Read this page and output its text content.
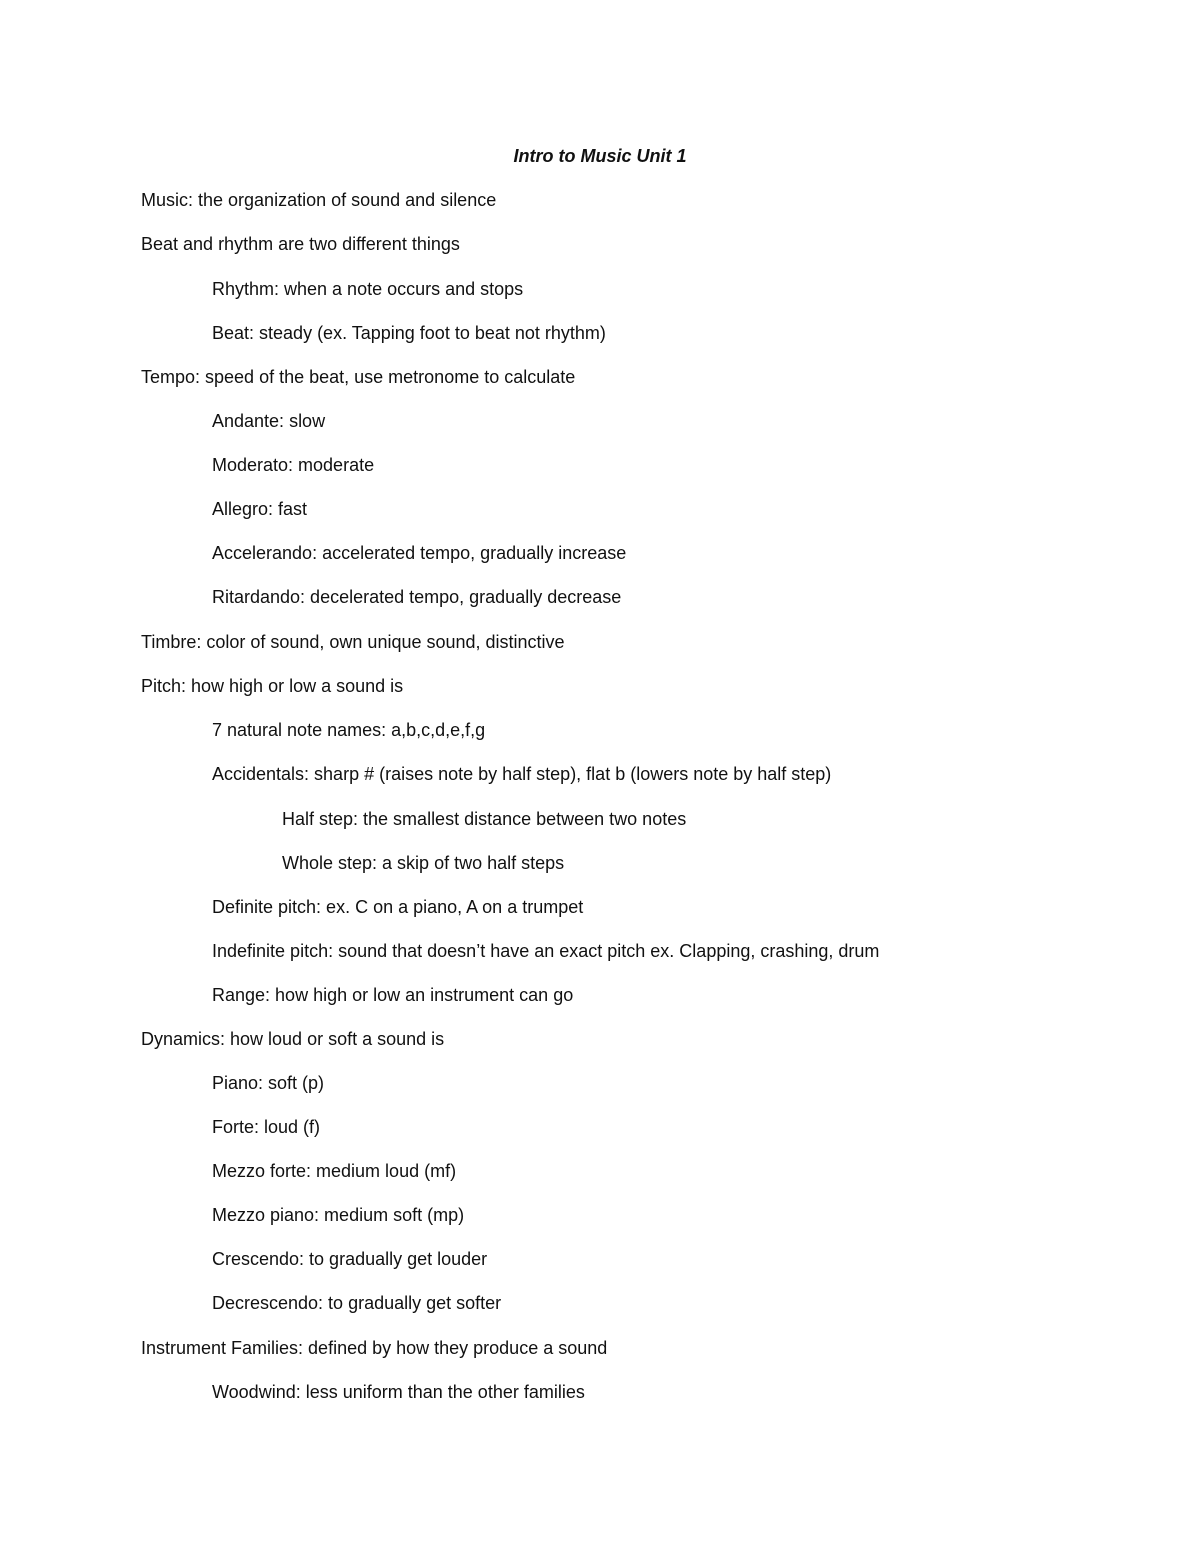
Intro to Music Unit 1
Music: the organization of sound and silence
Beat and rhythm are two different things
Rhythm: when a note occurs and stops
Beat: steady (ex. Tapping foot to beat not rhythm)
Tempo: speed of the beat, use metronome to calculate
Andante: slow
Moderato: moderate
Allegro: fast
Accelerando: accelerated tempo, gradually increase
Ritardando: decelerated tempo, gradually decrease
Timbre: color of sound, own unique sound, distinctive
Pitch: how high or low a sound is
7 natural note names: a,b,c,d,e,f,g
Accidentals: sharp # (raises note by half step), flat b (lowers note by half step)
Half step: the smallest distance between two notes
Whole step: a skip of two half steps
Definite pitch: ex. C on a piano, A on a trumpet
Indefinite pitch: sound that doesn’t have an exact pitch ex. Clapping, crashing, drum
Range: how high or low an instrument can go
Dynamics: how loud or soft a sound is
Piano: soft (p)
Forte: loud (f)
Mezzo forte: medium loud (mf)
Mezzo piano: medium soft (mp)
Crescendo: to gradually get louder
Decrescendo: to gradually get softer
Instrument Families: defined by how they produce a sound
Woodwind: less uniform than the other families
